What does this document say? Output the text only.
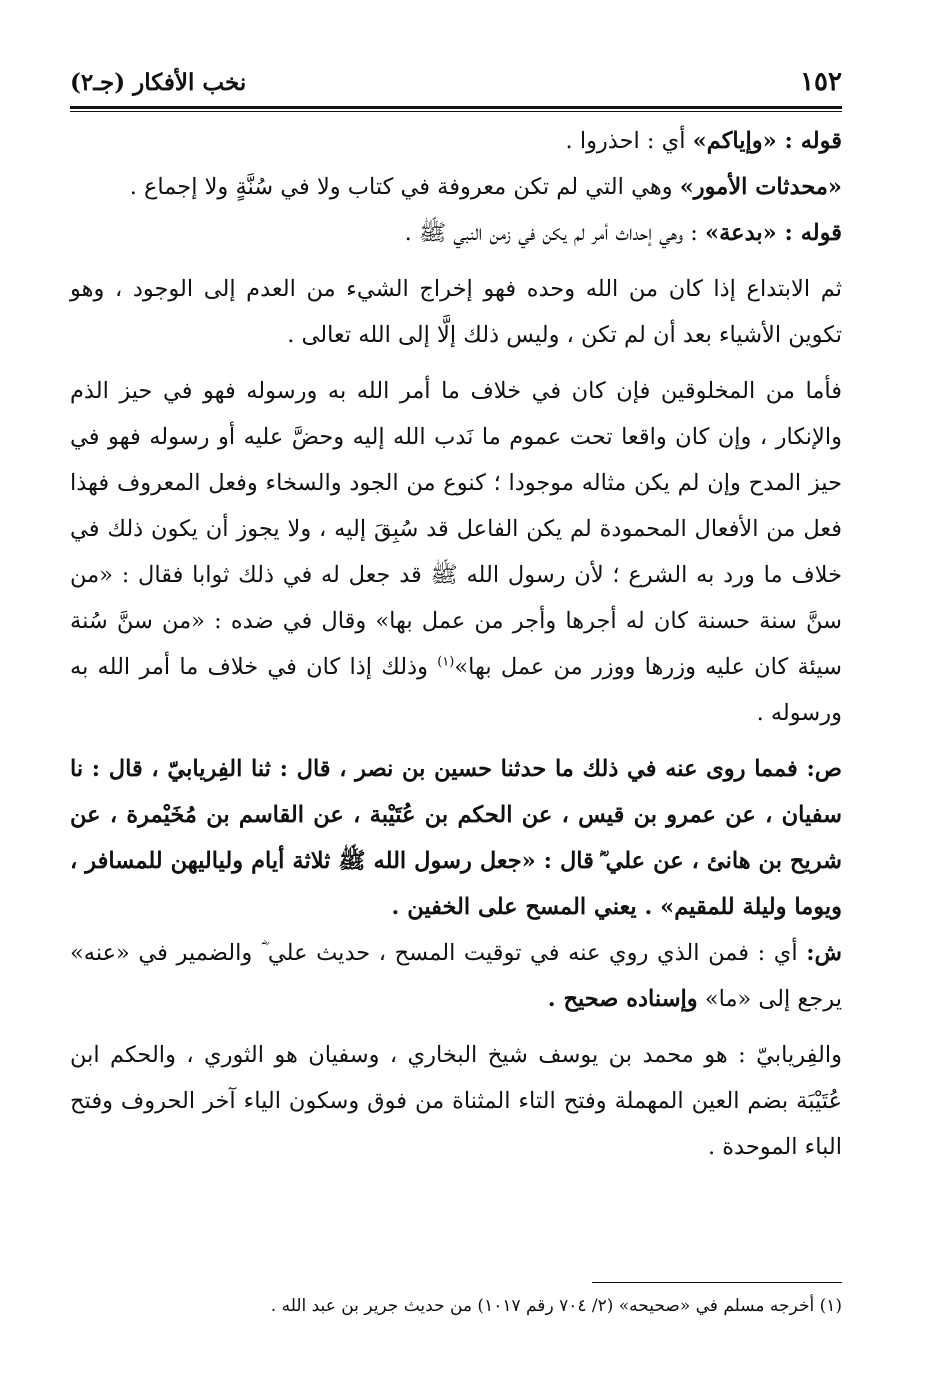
١٥٢
نخب الأفكار (جـ٢)

قوله : «وإياكم» أي : احذروا .

«محدثات الأمور» وهي التي لم تكن معروفة في كتاب ولا في سُنَّةٍ ولا إجماع .

قوله : «بدعة» : وهي إحداث أمر لم يكن في زمن النبي ﷺ .

ثم الابتداع إذا كان من الله وحده فهو إخراج الشيء من العدم إلى الوجود ، وهو تكوين الأشياء بعد أن لم تكن ، وليس ذلك إلَّا إلى الله تعالى .

فأما من المخلوقين فإن كان في خلاف ما أمر الله به ورسوله فهو في حيز الذم والإنكار ، وإن كان واقعا تحت عموم ما نَدب الله إليه وحضَّ عليه أو رسوله فهو في حيز المدح وإن لم يكن مثاله موجودا ؛ كنوع من الجود والسخاء وفعل المعروف فهذا فعل من الأفعال المحمودة لم يكن الفاعل قد سُبِقَ إليه ، ولا يجوز أن يكون ذلك في خلاف ما ورد به الشرع ؛ لأن رسول الله ﷺ قد جعل له في ذلك ثوابا فقال : «من سنَّ سنة حسنة كان له أجرها وأجر من عمل بها» وقال في ضده : «من سنَّ سُنة سيئة كان عليه وزرها ووزر من عمل بها»$^{(١)}$ وذلك إذا كان في خلاف ما أمر الله به ورسوله .

ص: فمما روى عنه في ذلك ما حدثنا حسين بن نصر ، قال : ثنا الفِريابيّ ، قال : نا سفيان ، عن عمرو بن قيس ، عن الحكم بن عُتَيْبة ، عن القاسم بن مُخَيْمرة ، عن شريح بن هانئ ، عن علي ؓ قال : «جعل رسول الله ﷺ ثلاثة أيام ولياليهن للمسافر ، ويوما وليلة للمقيم» . يعني المسح على الخفين .

ش: أي : فمن الذي روي عنه في توقيت المسح ، حديث علي ؓ والضمير في «عنه» يرجع إلى «ما» وإسناده صحيح .

والفِريابيّ : هو محمد بن يوسف شيخ البخاري ، وسفيان هو الثوري ، والحكم ابن عُتَيْبَة بضم العين المهملة وفتح التاء المثناة من فوق وسكون الياء آخر الحروف وفتح الباء الموحدة .

(١) أخرجه مسلم في «صحيحه» (٢/ ٧٠٤ رقم ١٠١٧) من حديث جرير بن عبد الله .
